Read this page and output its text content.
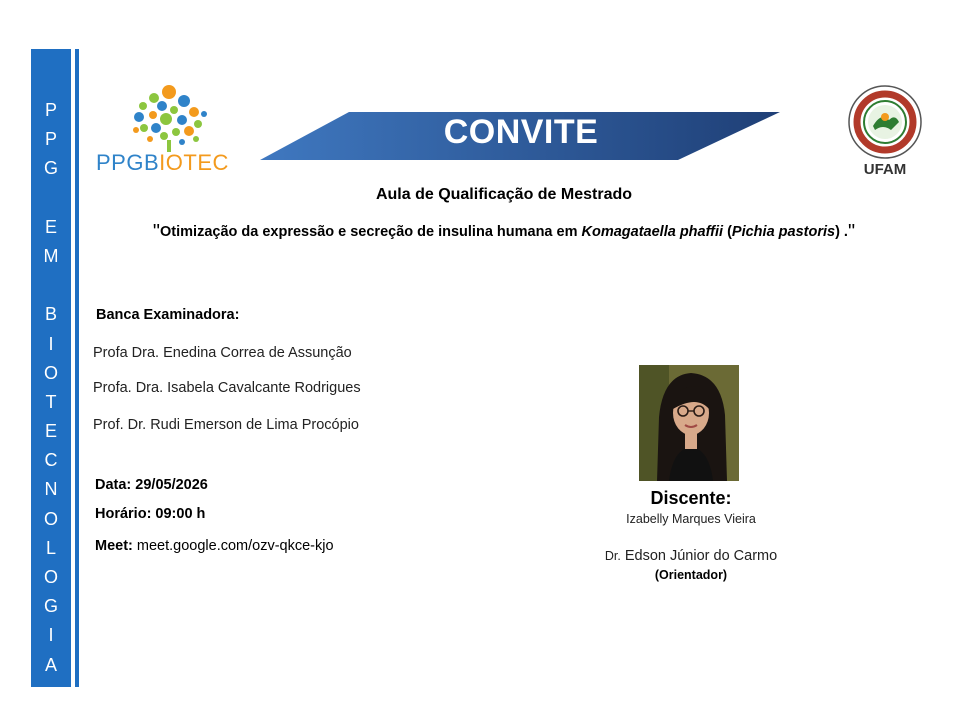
P
P
G
E
M
B
I
O
T
E
C
N
O
L
O
G
I
A
PPGBIOTEC
CONVITE
UFAM
Aula de Qualificação de Mestrado
"Otimização da expressão e secreção de insulina humana em Komagataella phaffii (Pichia pastoris) ."
Banca Examinadora:
Profa Dra. Enedina Correa de Assunção
Profa. Dra. Isabela Cavalcante Rodrigues
Prof. Dr. Rudi Emerson de Lima Procópio
Data: 29/05/2026
Horário: 09:00 h
Meet: meet.google.com/ozv-qkce-kjo
Discente:
Izabelly Marques Vieira
Dr. Edson Júnior do Carmo
(Orientador)
